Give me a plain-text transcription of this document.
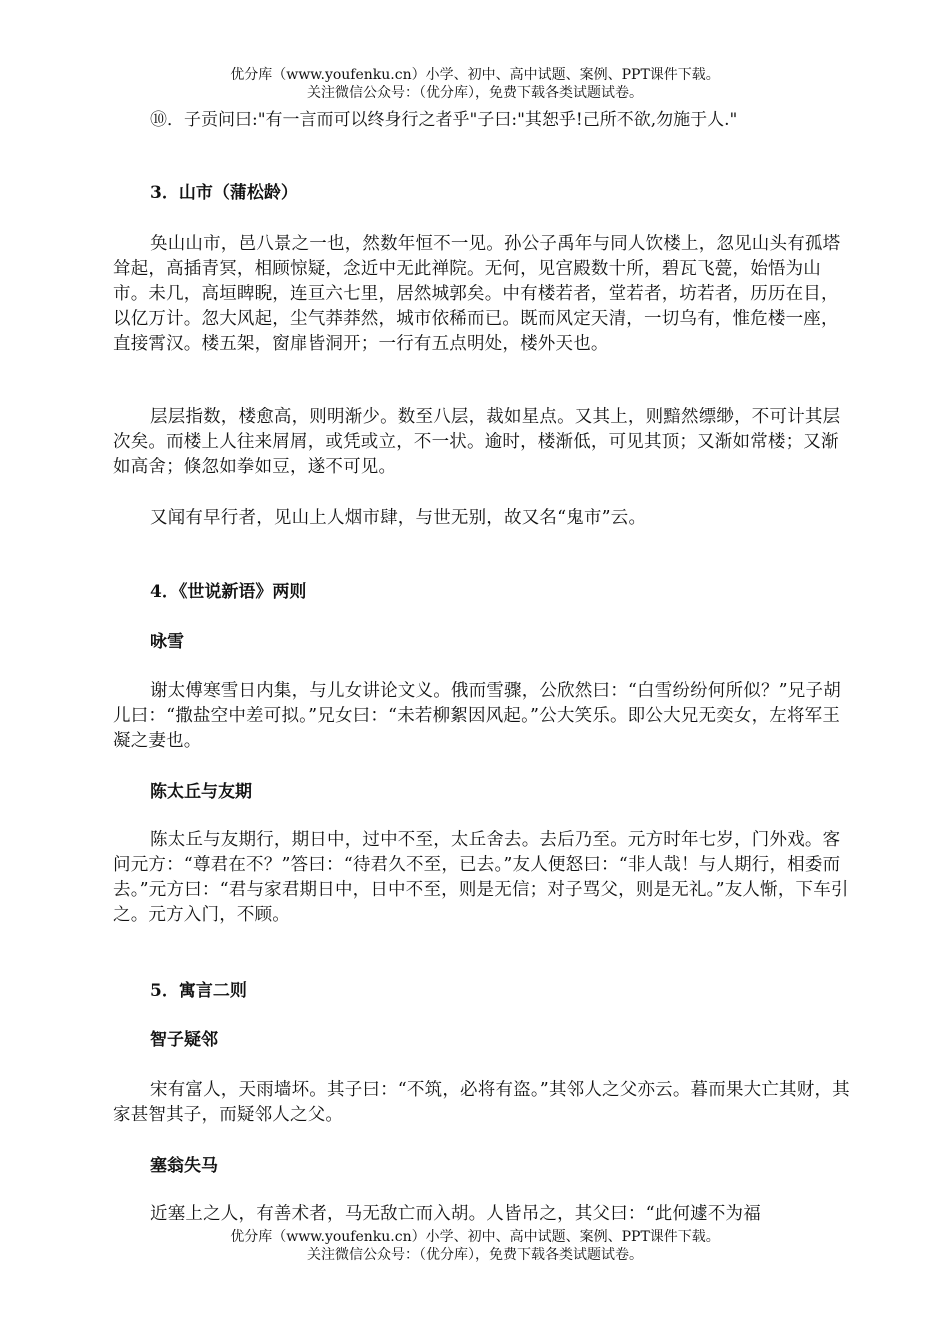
优分库（www.youfenku.cn）小学、初中、高中试题、案例、PPT课件下载。
关注微信公众号：（优分库），免费下载各类试题试卷。

⑩．子贡问曰:"有一言而可以终身行之者乎"子曰:"其恕乎!己所不欲,勿施于人."

3．山市（蒲松龄）

奂山山市，邑八景之一也，然数年恒不一见。孙公子禹年与同人饮楼上，忽见山头有孤塔耸起，高插青冥，相顾惊疑，念近中无此禅院。无何，见宫殿数十所，碧瓦飞甍，始悟为山市。未几，高垣睥睨，连亘六七里，居然城郭矣。中有楼若者，堂若者，坊若者，历历在目，以亿万计。忽大风起，尘气莽莽然，城市依稀而已。既而风定天清，一切乌有，惟危楼一座，直接霄汉。楼五架，窗扉皆洞开；一行有五点明处，楼外天也。

层层指数，楼愈高，则明渐少。数至八层，裁如星点。又其上，则黯然缥缈，不可计其层次矣。而楼上人往来屑屑，或凭或立，不一状。逾时，楼渐低，可见其顶；又渐如常楼；又渐如高舍；倏忽如拳如豆，遂不可见。

又闻有早行者，见山上人烟市肆，与世无别，故又名“鬼市”云。

4．《世说新语》两则

咏雪

谢太傅寒雪日内集，与儿女讲论文义。俄而雪骤，公欣然曰：“白雪纷纷何所似？”兄子胡儿曰：“撒盐空中差可拟。”兄女曰：“未若柳絮因风起。”公大笑乐。即公大兄无奕女，左将军王凝之妻也。

陈太丘与友期

陈太丘与友期行，期日中，过中不至，太丘舍去。去后乃至。元方时年七岁，门外戏。客问元方：“尊君在不？”答曰：“待君久不至，已去。”友人便怒曰：“非人哉！与人期行，相委而去。”元方曰：“君与家君期日中，日中不至，则是无信；对子骂父，则是无礼。”友人惭，下车引之。元方入门，不顾。

5．寓言二则

智子疑邻

宋有富人，天雨墙坏。其子曰：“不筑，必将有盗。”其邻人之父亦云。暮而果大亡其财，其家甚智其子，而疑邻人之父。

塞翁失马

近塞上之人，有善术者，马无敌亡而入胡。人皆吊之，其父曰：“此何遽不为福

优分库（www.youfenku.cn）小学、初中、高中试题、案例、PPT课件下载。
关注微信公众号：（优分库），免费下载各类试题试卷。
